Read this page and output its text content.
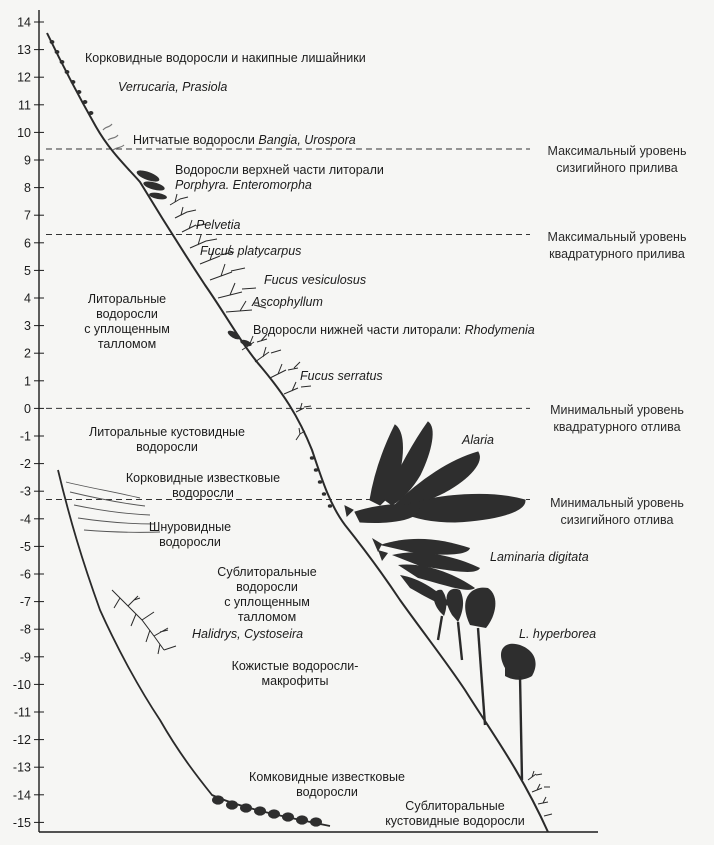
14
13
12
11
10
9
8
7
6
5
4
3
2
1
0
-1
-2
-3
-4
-5
-6
-7
-8
-9
-10
-11
-12
-13
-14
-15
Корковидные водоросли и накипные лишайники
Verrucaria, Prasiola
Нитчатые водоросли Bangia, Urospora
Водоросли верхней части литорали
Porphyra. Enteromorpha
Pelvetia
Fucus platycarpus
Fucus vesiculosus
Ascophyllum
Водоросли нижней части литорали: Rhodymenia
Fucus serratus
Литоральные
водоросли
с уплощенным
талломом
Литоральные кустовидные
водоросли
Корковидные известковые
водоросли
Шнуровидные
водоросли
Сублиторальные
водоросли
с уплощенным
талломом
Halidrys, Cystoseira
Кожистые водоросли-
макрофиты
Alaria
Laminaria digitata
L. hyperborea
Комковидные известковые
водоросли
Сублиторальные
кустовидные водоросли
Максимальный уровень
сизигийного прилива
Максимальный уровень
квадратурного прилива
Минимальный уровень
квадратурного отлива
Минимальный уровень
сизигийного отлива
